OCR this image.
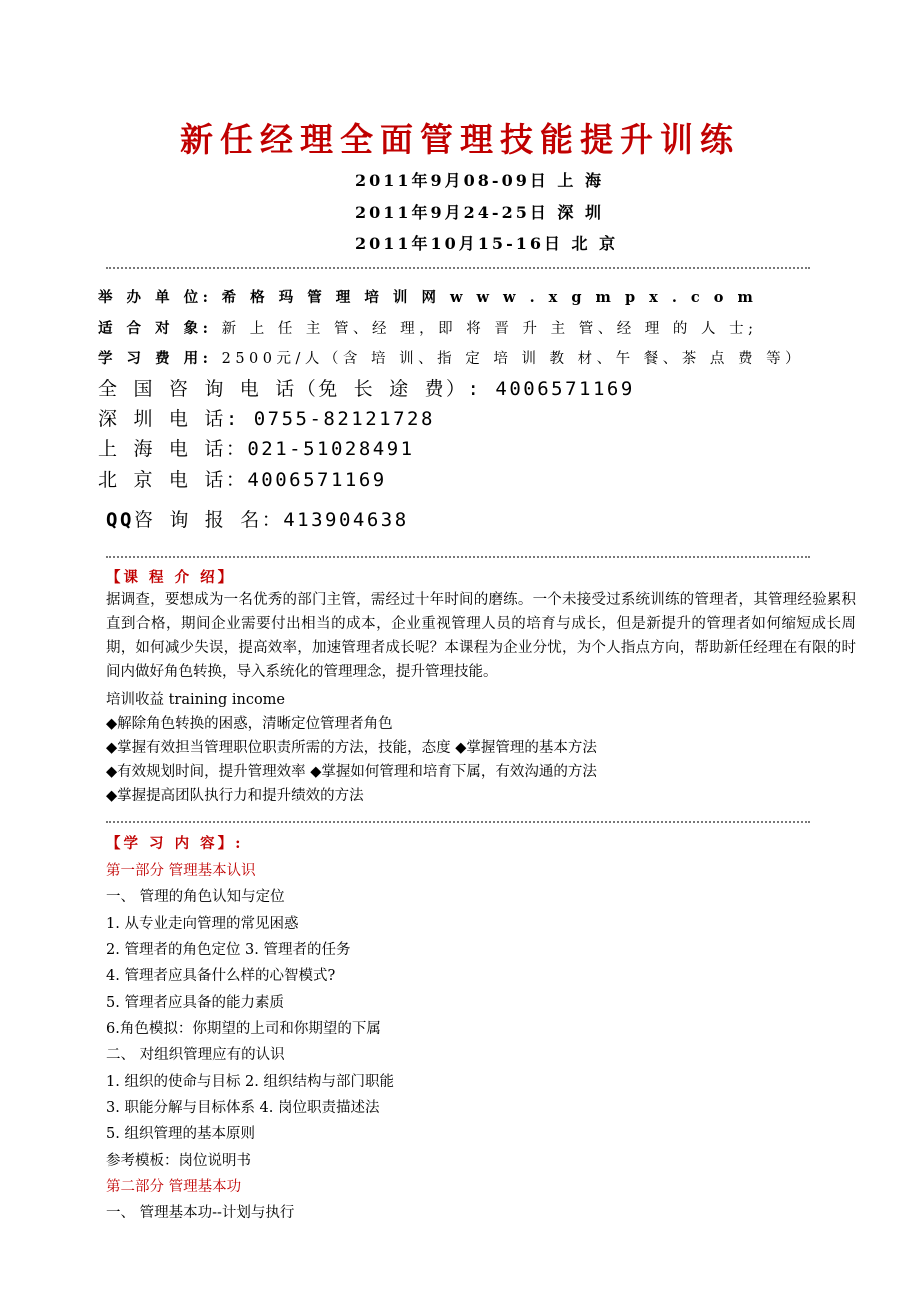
新任经理全面管理技能提升训练
2011年9月08-09日 上 海
2011年9月24-25日 深 圳
2011年10月15-16日 北 京
举 办 单 位: 希 格 玛 管 理 培 训 网 w w w . x g m p x . c o m
适 合 对 象: 新 上 任 主 管、经 理，即 将 晋 升 主 管、经 理 的 人 士;
学 习 费 用: 2500元/人（含 培 训、指 定 培 训 教 材、午 餐、茶 点 费 等）
全 国 咨 询 电 话（免 长 途 费）: 4006571169
深 圳 电 话: 0755-82121728
上 海 电 话：021-51028491
北 京 电 话：4006571169
QQ咨 询 报 名：413904638
【课 程 介 绍】
据调查，要想成为一名优秀的部门主管，需经过十年时间的磨练。一个未接受过系统训练的管理者，其管理经验累积直到合格，期间企业需要付出相当的成本，企业重视管理人员的培育与成长，但是新提升的管理者如何缩短成长周期，如何减少失误，提高效率，加速管理者成长呢？本课程为企业分忧，为个人指点方向，帮助新任经理在有限的时间内做好角色转换，导入系统化的管理理念，提升管理技能。
培训收益 training income
◆解除角色转换的困惑，清晰定位管理者角色
◆掌握有效担当管理职位职责所需的方法，技能，态度 ◆掌握管理的基本方法
◆有效规划时间，提升管理效率 ◆掌握如何管理和培育下属，有效沟通的方法
◆掌握提高团队执行力和提升绩效的方法
【学 习 内 容】:
第一部分 管理基本认识
一、 管理的角色认知与定位
1. 从专业走向管理的常见困惑
2. 管理者的角色定位 3. 管理者的任务
4. 管理者应具备什么样的心智模式?
5. 管理者应具备的能力素质
6.角色模拟：你期望的上司和你期望的下属
二、 对组织管理应有的认识
1. 组织的使命与目标 2. 组织结构与部门职能
3. 职能分解与目标体系 4. 岗位职责描述法
5. 组织管理的基本原则
参考模板：岗位说明书
第二部分 管理基本功
一、 管理基本功--计划与执行
